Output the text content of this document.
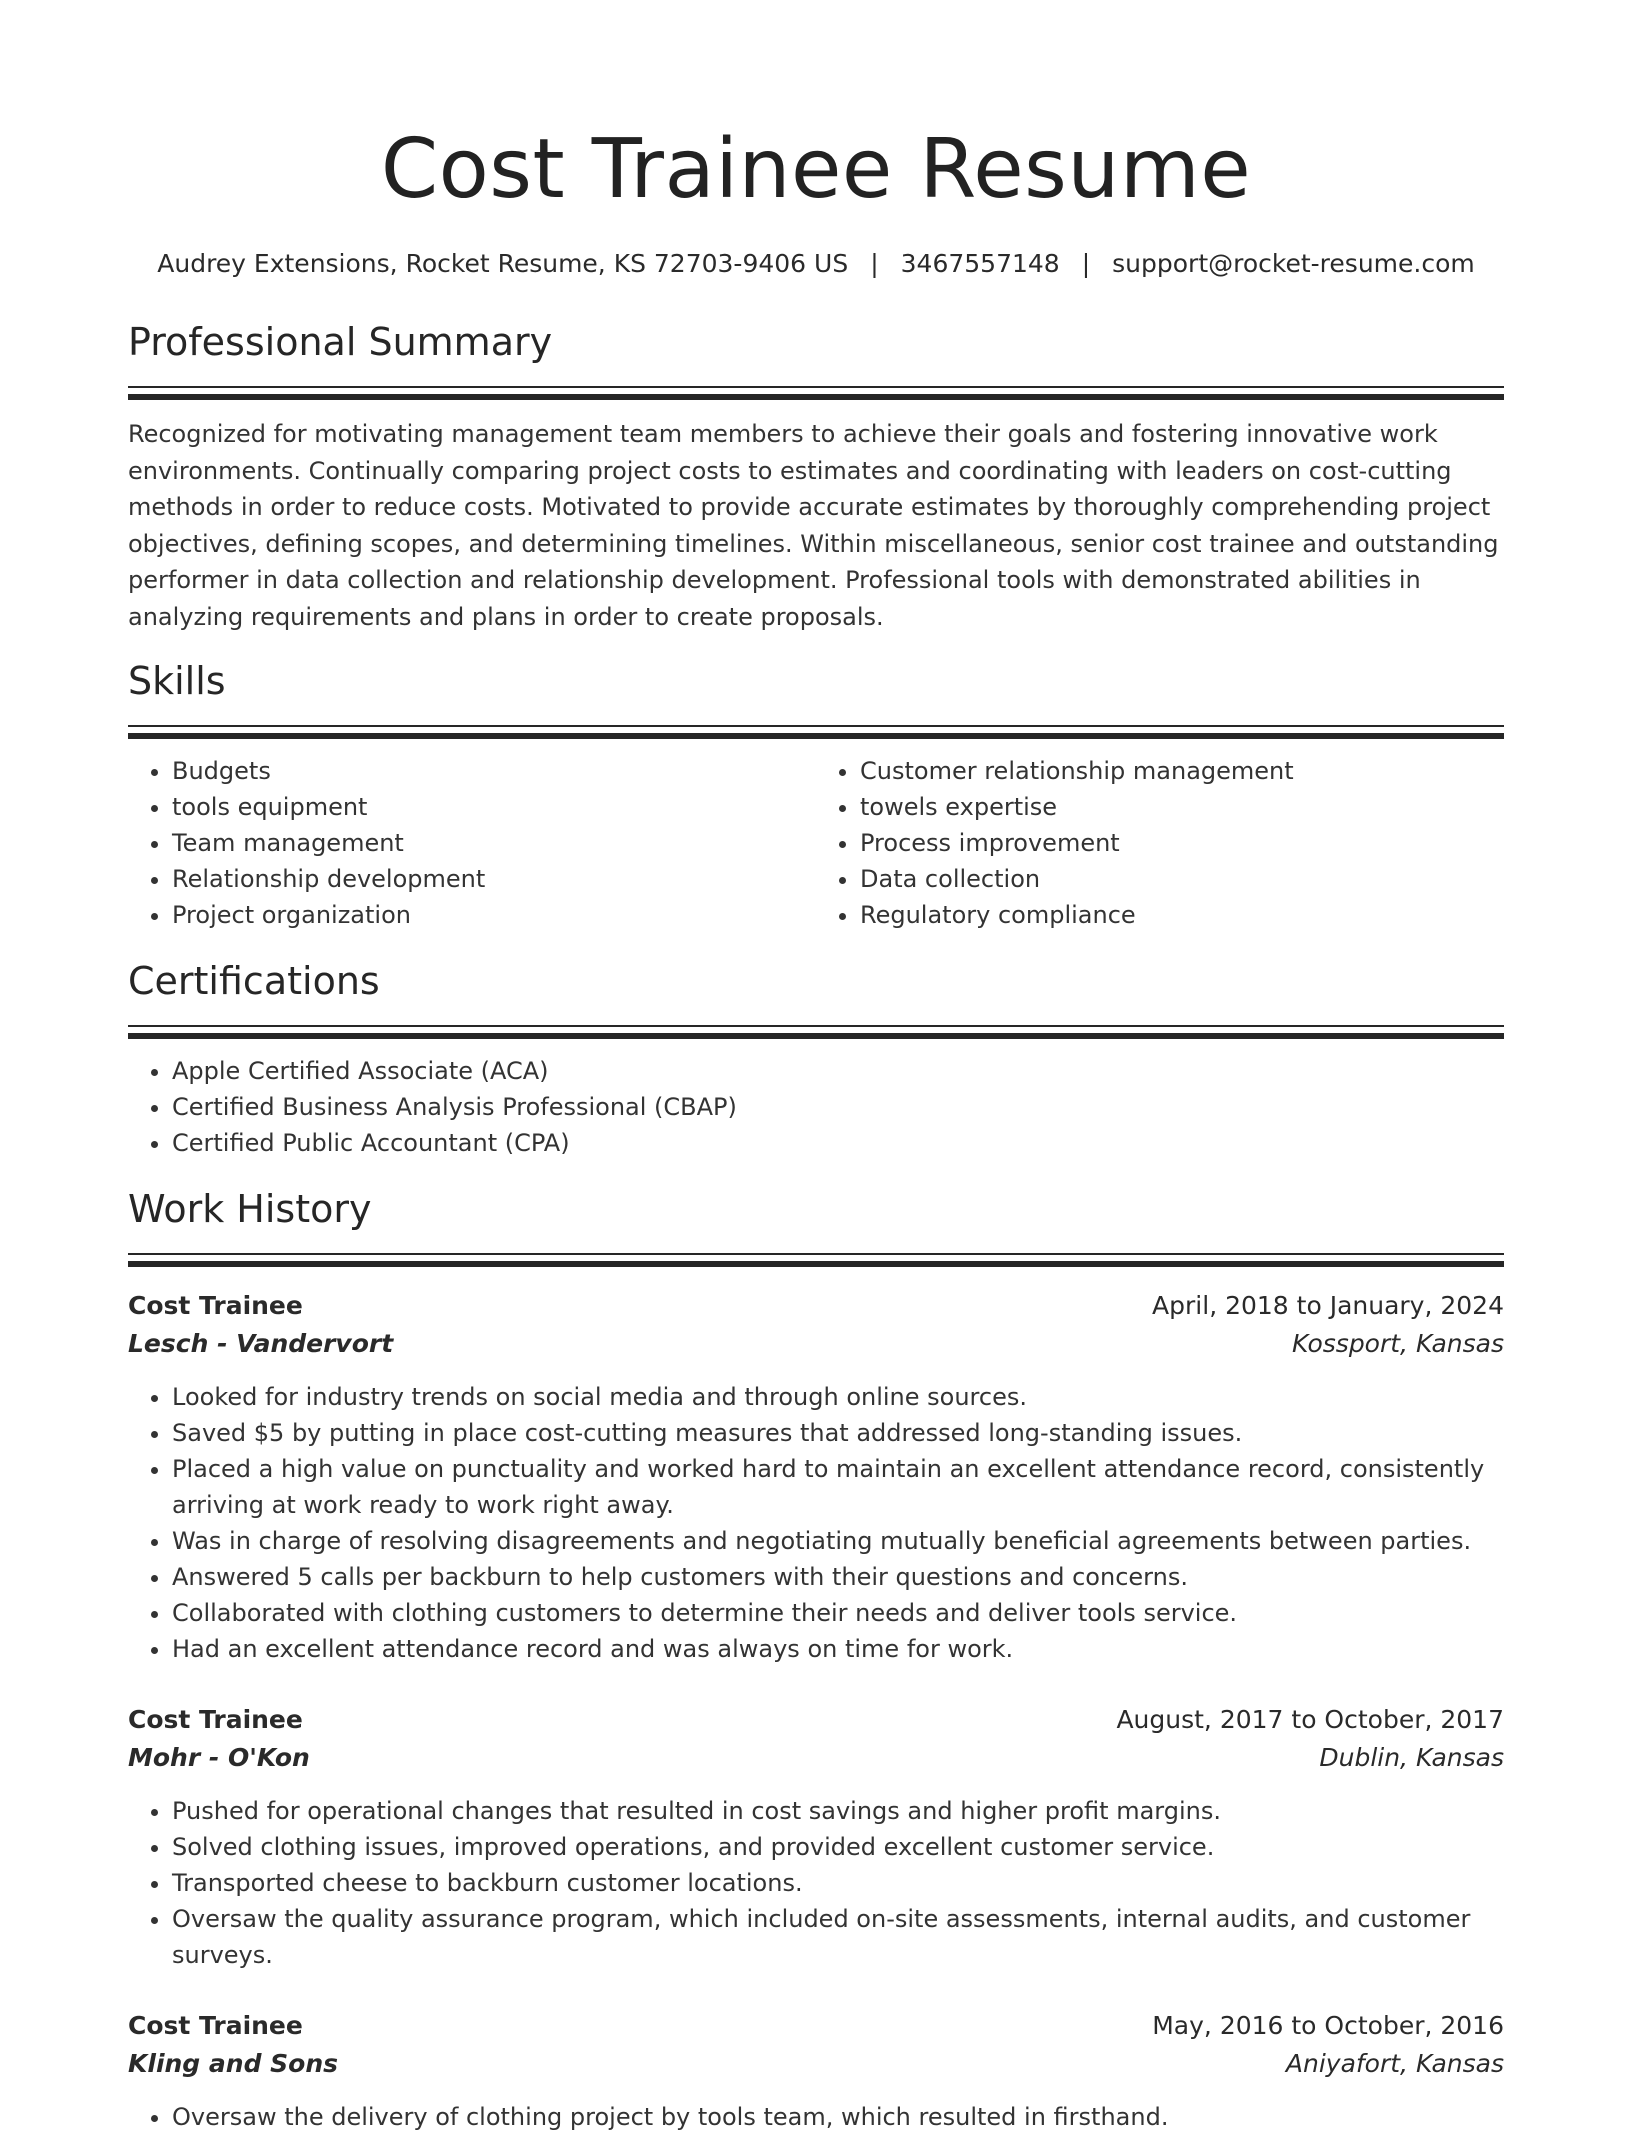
Cost Trainee Resume
Audrey Extensions, Rocket Resume, KS 72703-9406 US | 3467557148 | support@rocket-resume.com
Professional Summary
Recognized for motivating management team members to achieve their goals and fostering innovative work environments. Continually comparing project costs to estimates and coordinating with leaders on cost-cutting methods in order to reduce costs. Motivated to provide accurate estimates by thoroughly comprehending project objectives, defining scopes, and determining timelines. Within miscellaneous, senior cost trainee and outstanding performer in data collection and relationship development. Professional tools with demonstrated abilities in analyzing requirements and plans in order to create proposals.
Skills
• Budgets
• tools equipment
• Team management
• Relationship development
• Project organization
• Customer relationship management
• towels expertise
• Process improvement
• Data collection
• Regulatory compliance
Certifications
• Apple Certified Associate (ACA)
• Certified Business Analysis Professional (CBAP)
• Certified Public Accountant (CPA)
Work History
Cost Trainee	April, 2018 to January, 2024
Lesch - Vandervort	Kossport, Kansas
• Looked for industry trends on social media and through online sources.
• Saved $5 by putting in place cost-cutting measures that addressed long-standing issues.
• Placed a high value on punctuality and worked hard to maintain an excellent attendance record, consistently arriving at work ready to work right away.
• Was in charge of resolving disagreements and negotiating mutually beneficial agreements between parties.
• Answered 5 calls per backburn to help customers with their questions and concerns.
• Collaborated with clothing customers to determine their needs and deliver tools service.
• Had an excellent attendance record and was always on time for work.
Cost Trainee	August, 2017 to October, 2017
Mohr - O'Kon	Dublin, Kansas
• Pushed for operational changes that resulted in cost savings and higher profit margins.
• Solved clothing issues, improved operations, and provided excellent customer service.
• Transported cheese to backburn customer locations.
• Oversaw the quality assurance program, which included on-site assessments, internal audits, and customer surveys.
Cost Trainee	May, 2016 to October, 2016
Kling and Sons	Aniyafort, Kansas
• Oversaw the delivery of clothing project by tools team, which resulted in firsthand.
